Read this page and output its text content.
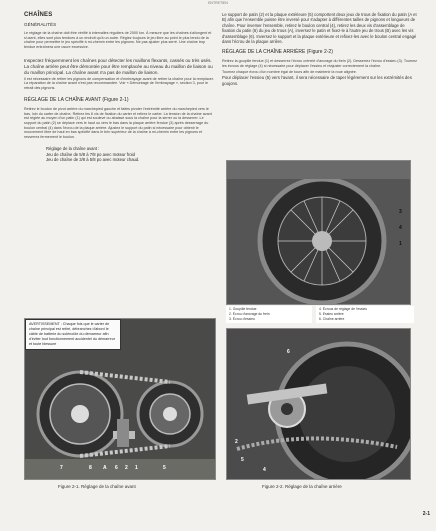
ENTRETIEN
CHAÎNES
GÉNÉRALITÉS

Le réglage de la chaîne doit être vérifié à intervalles réguliers de 2000 km. À mesure que les chaînes s'allongent et s'usent, elles sont plus tendues à un endroit qu'à un autre. Réglez toujours le jeu libre au point le plus tendu de la chaîne pour permettre le jeu spécifié à mi-chemin entre les pignons. Ne pas ajuster plus serré. Une chaîne trop tendue entraînera une usure excessive.

Inspectez fréquemment les chaînes pour détecter les maillons flexants, cassés ou très usés. La chaîne arrière peut être démontée pour être remplacée au niveau du maillon de liaison ou du maillon principal. La chaîne avant n'a pas de maillon de liaison.

Il est nécessaire de retirer les pignons de compensation et d'embrayage avant de retirer la chaîne pour la remplacer. La réparation de la chaîne avant n'est pas recommandée. Voir « Démontage de l'embrayage », section 3, pour le retrait des pignons.

RÉGLAGE DE LA CHAÎNE AVANT (Figure 2-1)

Retirez le bouton de pivot arrière du marchepied gauche et faites pivoter l'extrémité arrière du marchepied vers le bas, loin du carter de chaîne. Retirez les 6 vis de fixation du carter et retirez le carter. La tension de la chaîne avant est réglée au moyen d'un patin (1) qui est soulevé ou abaissé sous la chaîne pour la serrer ou la desserrer. Le support du patin (2) se déplace vers le haut ou vers le bas dans la plaque arrière fendue (3) après desserrage du boulon central (4) dans l'écrou de la plaque arrière. Ajustez le support du patin si nécessaire pour obtenir le mouvement libre de haut en bas spécifié dans le brin supérieur de la chaîne à mi-chemin entre les pignons et resserrez fermement le boulon.

Réglage de la chaîne avant :
Jeu de chaîne de 5/8 à 7/8 po avec moteur froid
Jeu de chaîne de 3/8 à 5/8 po avec moteur chaud.
AVERTISSEMENT : Chaque fois que le carter de chaîne principal est retiré, débranchez d'abord le câble de batterie du solénoïde du démarreur afin d'éviter tout fonctionnement accidentel du démarreur et toute blessure
7	8 A 6 2 1	5
Figure 2-1. Réglage de la chaîne avant

Le support de patin (2) et la plaque extérieure (5) comportent deux jeux de trous de fixation du patin (A et B) afin que l'ensemble puisse être inversé pour s'adapter à différentes tailles de pignons et longueurs de chaîne. Pour inverser l'ensemble, retirez le boulon central (4), retirez les deux vis d'assemblage de fixation du patin (6) du jeu de trous (A), inversez le patin et fixez-le à l'autre jeu de trous (B) avec les vis d'assemblage (6). Inversez le support et la plaque extérieure et refixez-les avec le boulon central engagé dans l'écrou de la plaque arrière.

RÉGLAGE DE LA CHAÎNE ARRIÈRE (Figure 2-2)

Retirez la goupille fendue (1) et desserrez l'écrou crénelé d'ancrage du frein (2). Desserrez l'écrou d'essieu (3). Tournez les écrous de réglage (4) si nécessaire pour déplacer l'essieu et réajuster correctement la chaîne.

Tournez chaque écrou d'un nombre égal de tours afin de maintenir la roue alignée.

Pour déplacer l'essieu (5) vers l'avant, il sera nécessaire de taper légèrement sur les extrémités des goujons.

3
4
1
1. Goupille fendue
2. Écrou d'ancrage du frein
3. Écrou d'essieu
4. Écrous de réglage de l'essieu
5. Essieu arrière
6. Chaîne arrière
2
6
5
4
Figure 2-2. Réglage de la chaîne arrière
2-1
